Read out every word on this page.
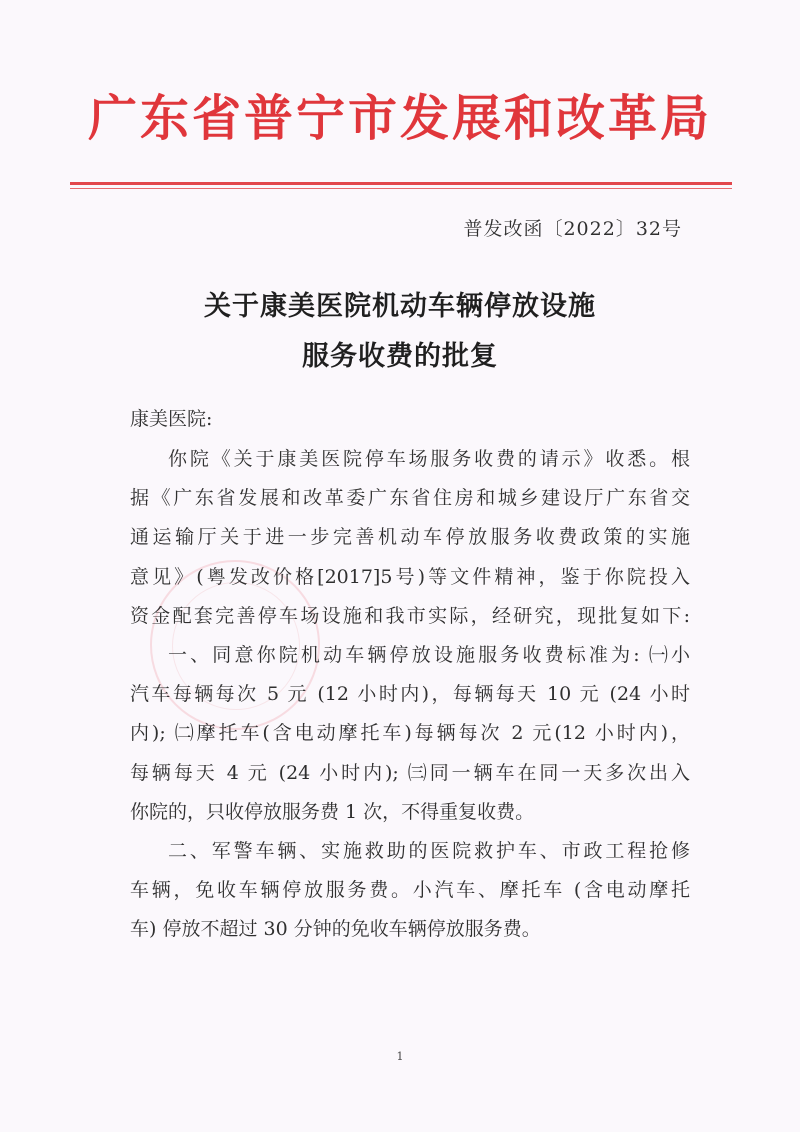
广东省普宁市发展和改革局
普发改函〔2022〕32号
关于康美医院机动车辆停放设施
服务收费的批复
康美医院:
你院《关于康美医院停车场服务收费的请示》收悉。根
据《广东省发展和改革委广东省住房和城乡建设厅广东省交
通运输厅关于进一步完善机动车停放服务收费政策的实施
意见》(粤发改价格[2017]5号)等文件精神，鉴于你院投入
资金配套完善停车场设施和我市实际，经研究，现批复如下:
一、同意你院机动车辆停放设施服务收费标准为: ㈠小
汽车每辆每次 5 元 (12 小时内)，每辆每天 10 元 (24 小时
内); ㈡摩托车(含电动摩托车)每辆每次 2 元(12 小时内)，
每辆每天 4 元 (24 小时内); ㈢同一辆车在同一天多次出入
你院的，只收停放服务费 1 次，不得重复收费。
二、军警车辆、实施救助的医院救护车、市政工程抢修
车辆，免收车辆停放服务费。小汽车、摩托车 (含电动摩托
车) 停放不超过 30 分钟的免收车辆停放服务费。
1
